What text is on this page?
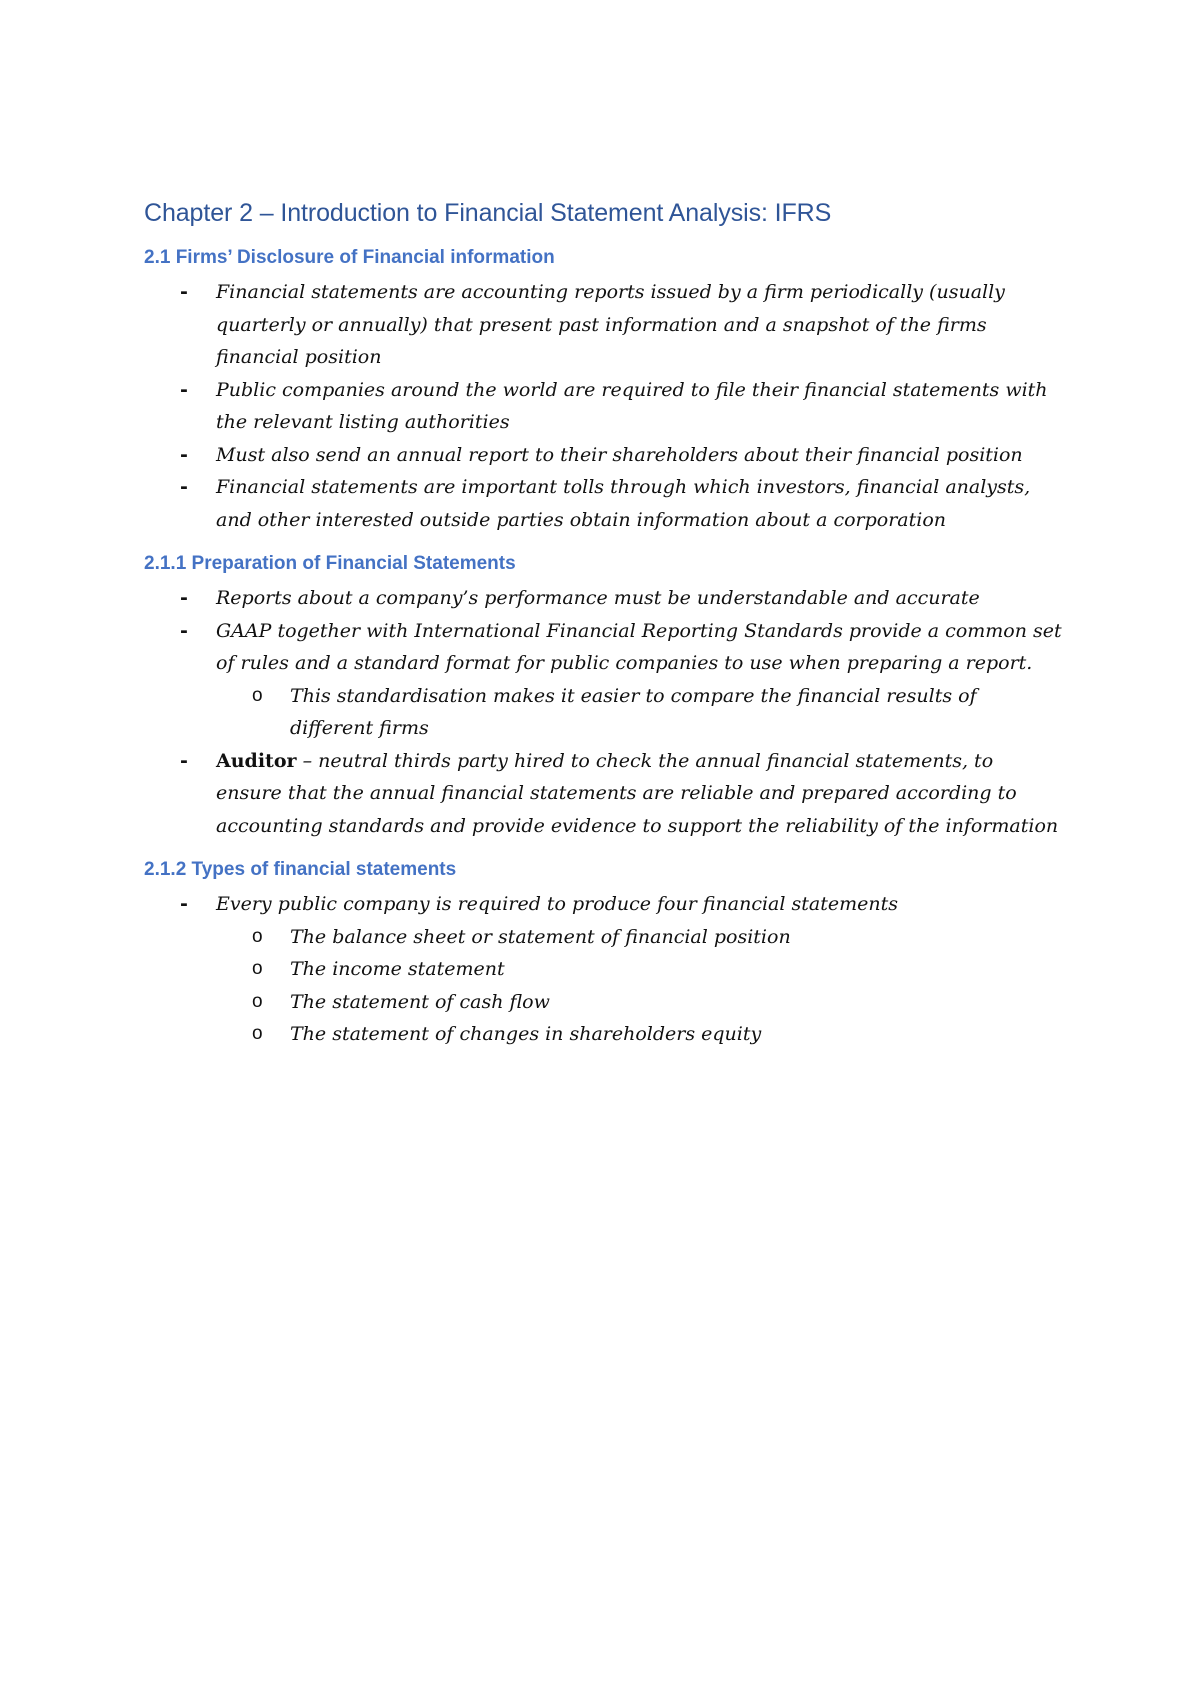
Chapter 2 – Introduction to Financial Statement Analysis: IFRS
2.1 Firms’ Disclosure of Financial information
- Financial statements are accounting reports issued by a firm periodically (usually quarterly or annually) that present past information and a snapshot of the firms financial position
- Public companies around the world are required to file their financial statements with the relevant listing authorities
- Must also send an annual report to their shareholders about their financial position
- Financial statements are important tolls through which investors, financial analysts, and other interested outside parties obtain information about a corporation
2.1.1 Preparation of Financial Statements
- Reports about a company’s performance must be understandable and accurate
- GAAP together with International Financial Reporting Standards provide a common set of rules and a standard format for public companies to use when preparing a report.
o This standardisation makes it easier to compare the financial results of different firms
- Auditor – neutral thirds party hired to check the annual financial statements, to ensure that the annual financial statements are reliable and prepared according to accounting standards and provide evidence to support the reliability of the information
2.1.2 Types of financial statements
- Every public company is required to produce four financial statements
o The balance sheet or statement of financial position
o The income statement
o The statement of cash flow
o The statement of changes in shareholders equity
